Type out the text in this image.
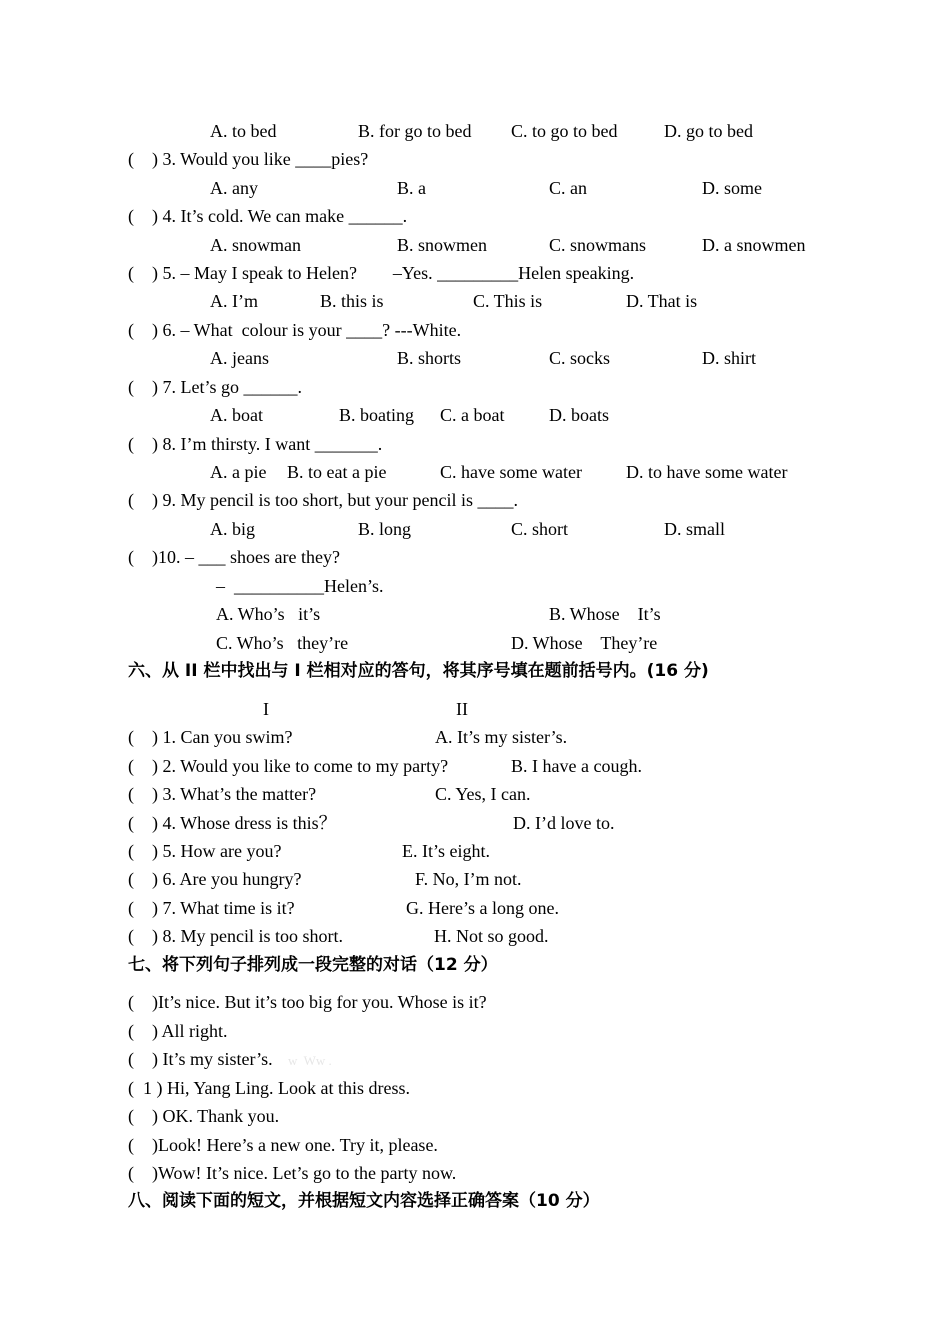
A. to bed	B. for go to bed C. to go to bed	D. go to bed
(    ) 3. Would you like ____pies?
A. any	B. a	C. an	D. some
(    ) 4. It’s cold. We can make ______.
A. snowman	B. snowmen	C. snowmans	D. a snowmen
(    ) 5. – May I speak to Helen?        –Yes. _________Helen speaking.
A. I’m	B. this is	C. This is	D. That is
(    ) 6. – What  colour is your ____? ---White.
A. jeans	B. shorts	C. socks	D. shirt
(    ) 7. Let’s go ______.
A. boat	B. boating C. a boat D. boats
(    ) 8. I’m thirsty. I want _______.
A. a pie B. to eat a pie	C. have some water D. to have some water
(    ) 9. My pencil is too short, but your pencil is ____.
A. big	B. long	C. short	D. small
(    )10. – ___ shoes are they?
–  __________Helen’s.
A. Who’s   it’s	B. Whose    It’s
C. Who’s   they’re	D. Whose    They’re
六、从 II 栏中找出与 I 栏相对应的答句，将其序号填在题前括号内。(16 分)
I	II
(    ) 1. Can you swim?	A. It’s my sister’s.
(    ) 2. Would you like to come to my party?	B. I have a cough.
(    ) 3. What’s the matter?	C. Yes, I can.
(    ) 4. Whose dress is this？	D. I’d love to.
(    ) 5. How are you?	E. It’s eight.
(    ) 6. Are you hungry?	F. No, I’m not.
(    ) 7. What time is it?	G. Here’s a long one.
(    ) 8. My pencil is too short.	H. Not so good.
七、将下列句子排列成一段完整的对话（12 分）
(    )It’s nice. But it’s too big for you. Whose is it?
(    ) All right.
(    ) It’s my sister’s. w  Ww .
(  1 ) Hi, Yang Ling. Look at this dress.
(    ) OK. Thank you.
(    )Look! Here’s a new one. Try it, please.
(    )Wow! It’s nice. Let’s go to the party now.
八、阅读下面的短文，并根据短文内容选择正确答案（10 分）
